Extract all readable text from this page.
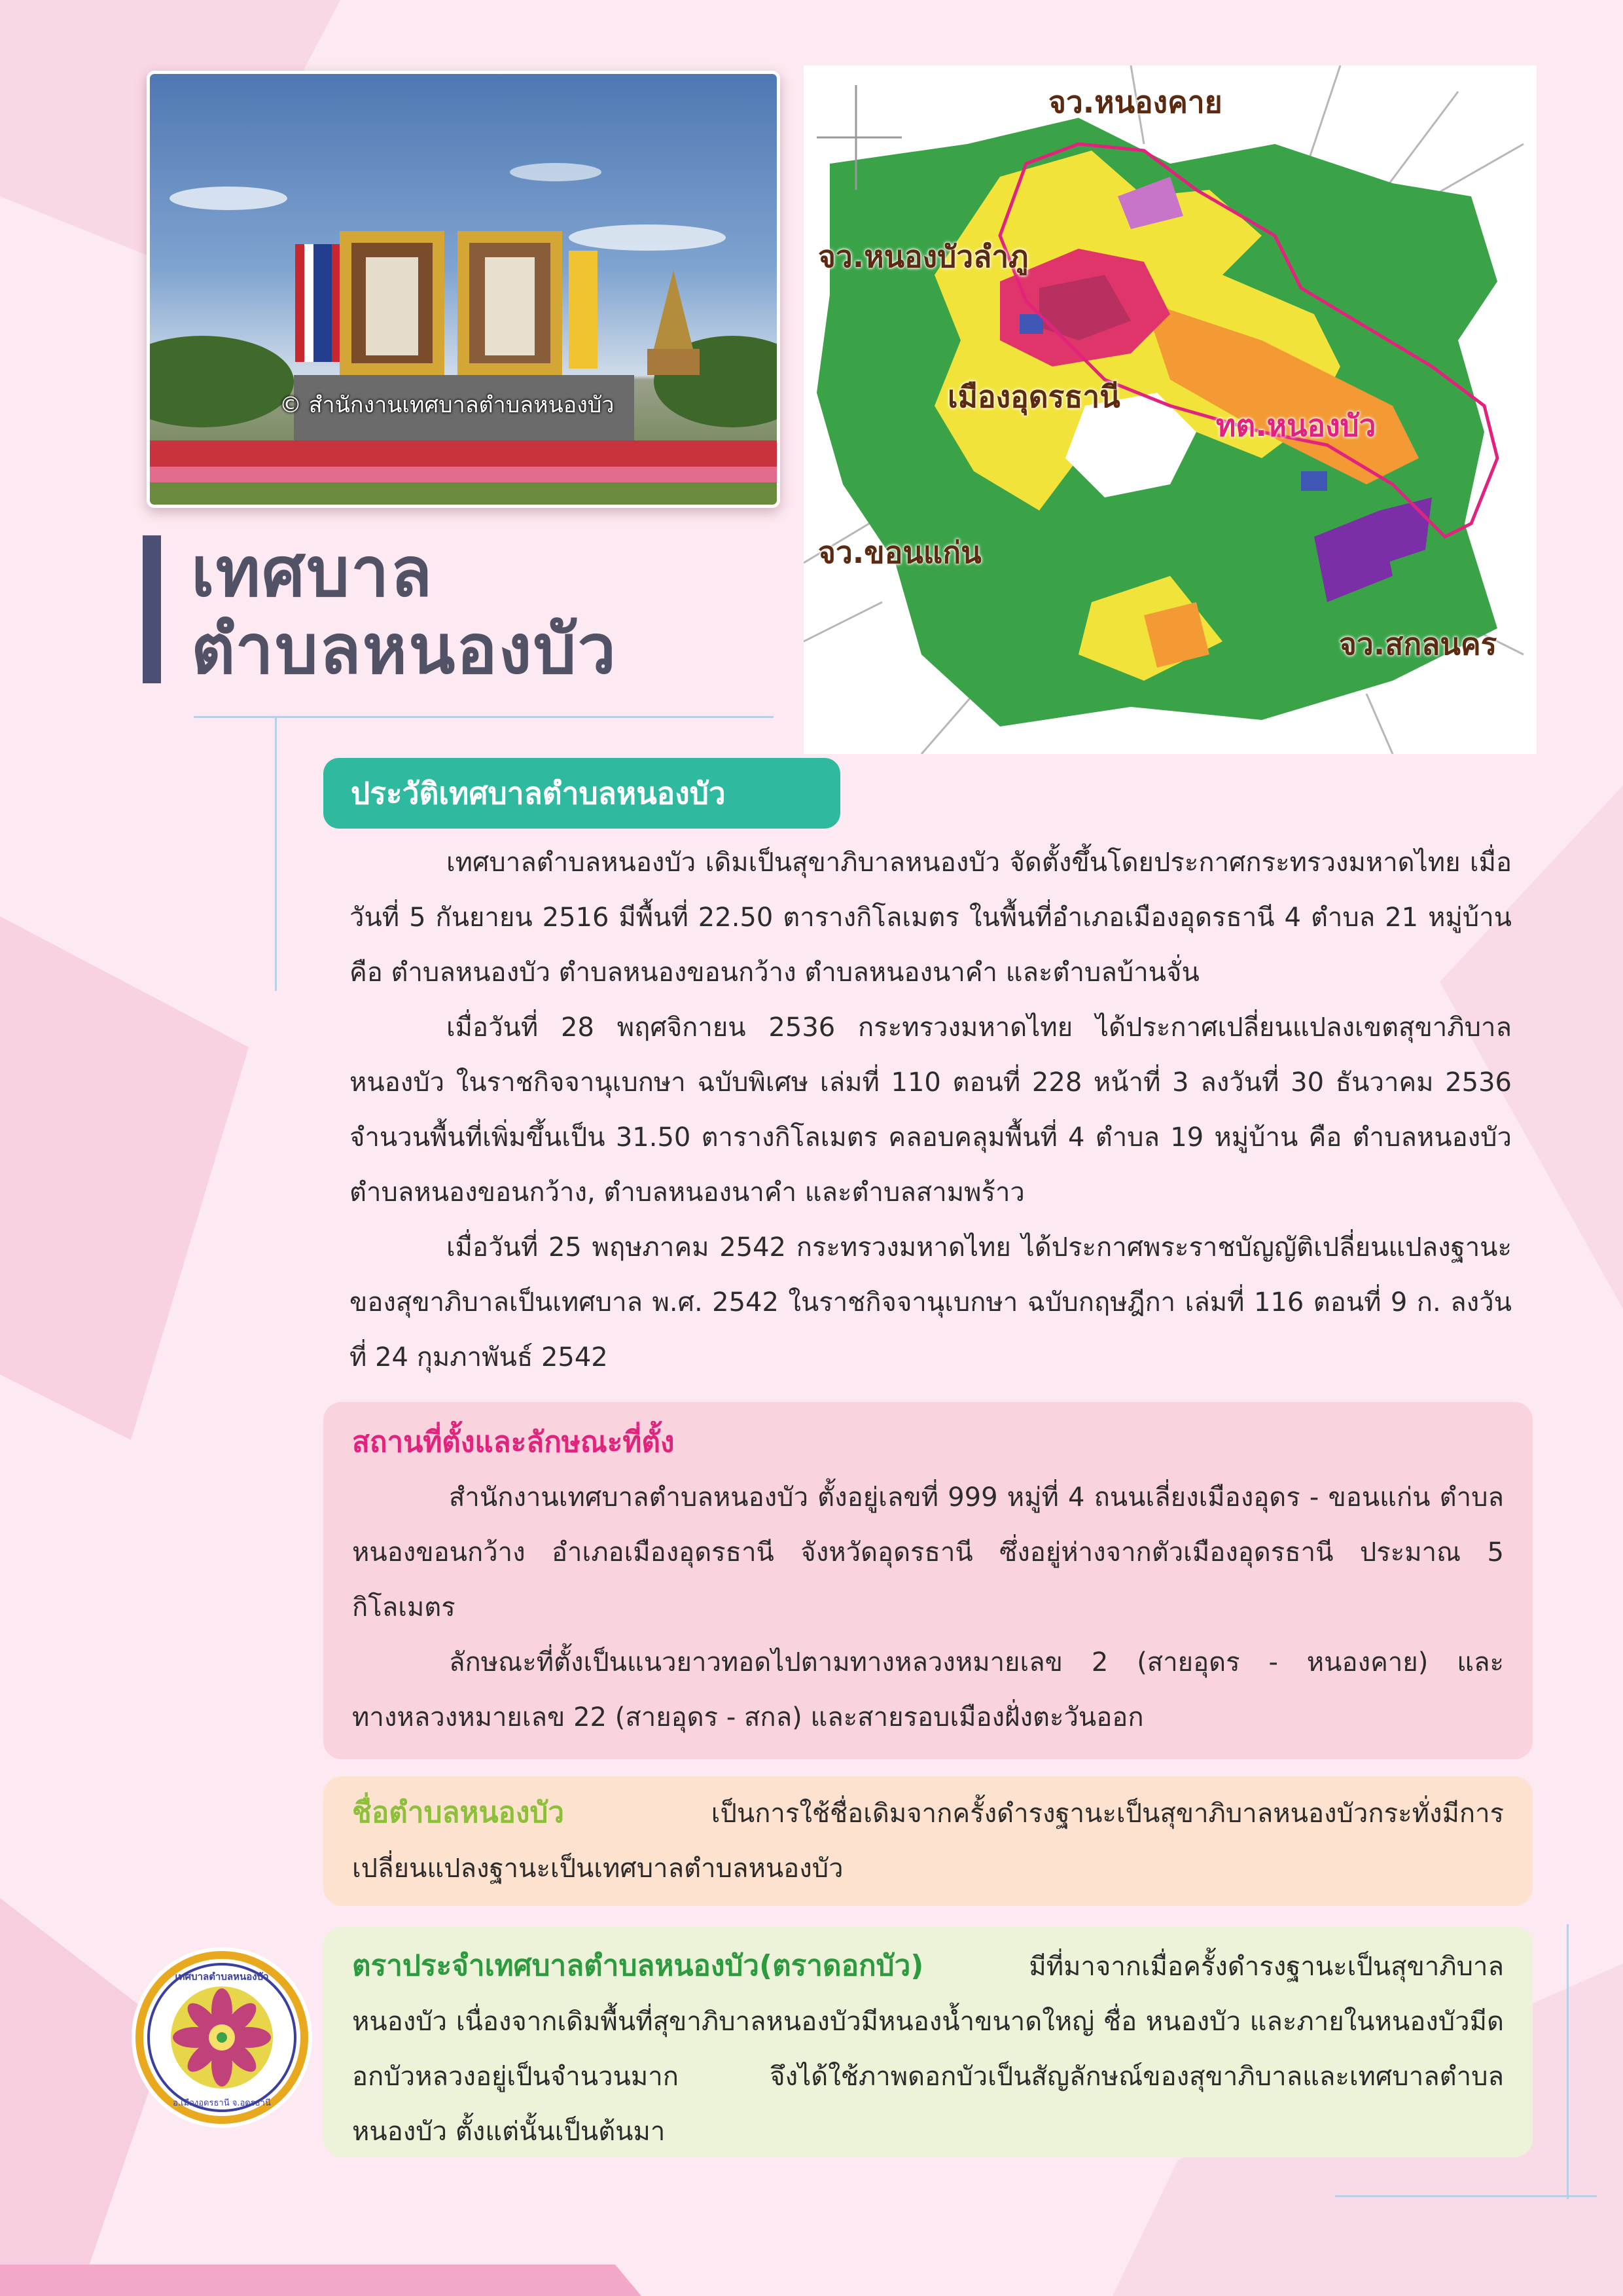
© สำนักงานเทศบาลตำบลหนองบัว
เทศบาล
ตำบลหนองบัว
จว.หนองคาย
จว.หนองบัวลำภู
เมืองอุดรธานี
ทต.หนองบัว
จว.ขอนแก่น
จว.สกลนคร
ประวัติเทศบาลตำบลหนองบัว

เทศบาลตำบลหนองบัว เดิมเป็นสุขาภิบาลหนองบัว จัดตั้งขึ้นโดยประกาศกระทรวงมหาดไทย เมื่อวันที่ 5 กันยายน 2516 มีพื้นที่ 22.50 ตารางกิโลเมตร ในพื้นที่อำเภอเมืองอุดรธานี 4 ตำบล 21 หมู่บ้าน คือ ตำบลหนองบัว ตำบลหนองขอนกว้าง ตำบลหนองนาคำ และตำบลบ้านจั่น

เมื่อวันที่ 28 พฤศจิกายน 2536 กระทรวงมหาดไทย ได้ประกาศเปลี่ยนแปลงเขตสุขาภิบาลหนองบัว ในราชกิจจานุเบกษา ฉบับพิเศษ เล่มที่ 110 ตอนที่ 228 หน้าที่ 3 ลงวันที่ 30 ธันวาคม 2536 จำนวนพื้นที่เพิ่มขึ้นเป็น 31.50 ตารางกิโลเมตร คลอบคลุมพื้นที่ 4 ตำบล 19 หมู่บ้าน คือ ตำบลหนองบัว ตำบลหนองขอนกว้าง, ตำบลหนองนาคำ และตำบลสามพร้าว

เมื่อวันที่ 25 พฤษภาคม 2542 กระทรวงมหาดไทย ได้ประกาศพระราชบัญญัติเปลี่ยนแปลงฐานะของสุขาภิบาลเป็นเทศบาล พ.ศ. 2542 ในราชกิจจานุเบกษา ฉบับกฤษฎีกา เล่มที่ 116 ตอนที่ 9 ก. ลงวันที่ 24 กุมภาพันธ์ 2542

สถานที่ตั้งและลักษณะที่ตั้ง

สำนักงานเทศบาลตำบลหนองบัว ตั้งอยู่เลขที่ 999 หมู่ที่ 4 ถนนเลี่ยงเมืองอุดร - ขอนแก่น ตำบลหนองขอนกว้าง อำเภอเมืองอุดรธานี จังหวัดอุดรธานี ซึ่งอยู่ห่างจากตัวเมืองอุดรธานี ประมาณ 5 กิโลเมตร

ลักษณะที่ตั้งเป็นแนวยาวทอดไปตามทางหลวงหมายเลข 2 (สายอุดร - หนองคาย) และทางหลวงหมายเลข 22 (สายอุดร - สกล) และสายรอบเมืองฝั่งตะวันออก

ชื่อตำบลหนองบัว	เป็นการใช้ชื่อเดิมจากครั้งดำรงฐานะเป็นสุขาภิบาลหนองบัวกระทั่งมีการเปลี่ยนแปลงฐานะเป็นเทศบาลตำบลหนองบัว

ตราประจำเทศบาลตำบลหนองบัว(ตราดอกบัว)	มีที่มาจากเมื่อครั้งดำรงฐานะเป็นสุขาภิบาลหนองบัว เนื่องจากเดิมพื้นที่สุขาภิบาลหนองบัวมีหนองน้ำขนาดใหญ่ ชื่อ หนองบัว และภายในหนองบัวมีดอกบัวหลวงอยู่เป็นจำนวนมาก จึงได้ใช้ภาพดอกบัวเป็นสัญลักษณ์ของสุขาภิบาลและเทศบาลตำบลหนองบัว ตั้งแต่นั้นเป็นต้นมา

เทศบาลตำบลหนองบัว
อ.เมืองอุดรธานี จ.อุดรธานี
